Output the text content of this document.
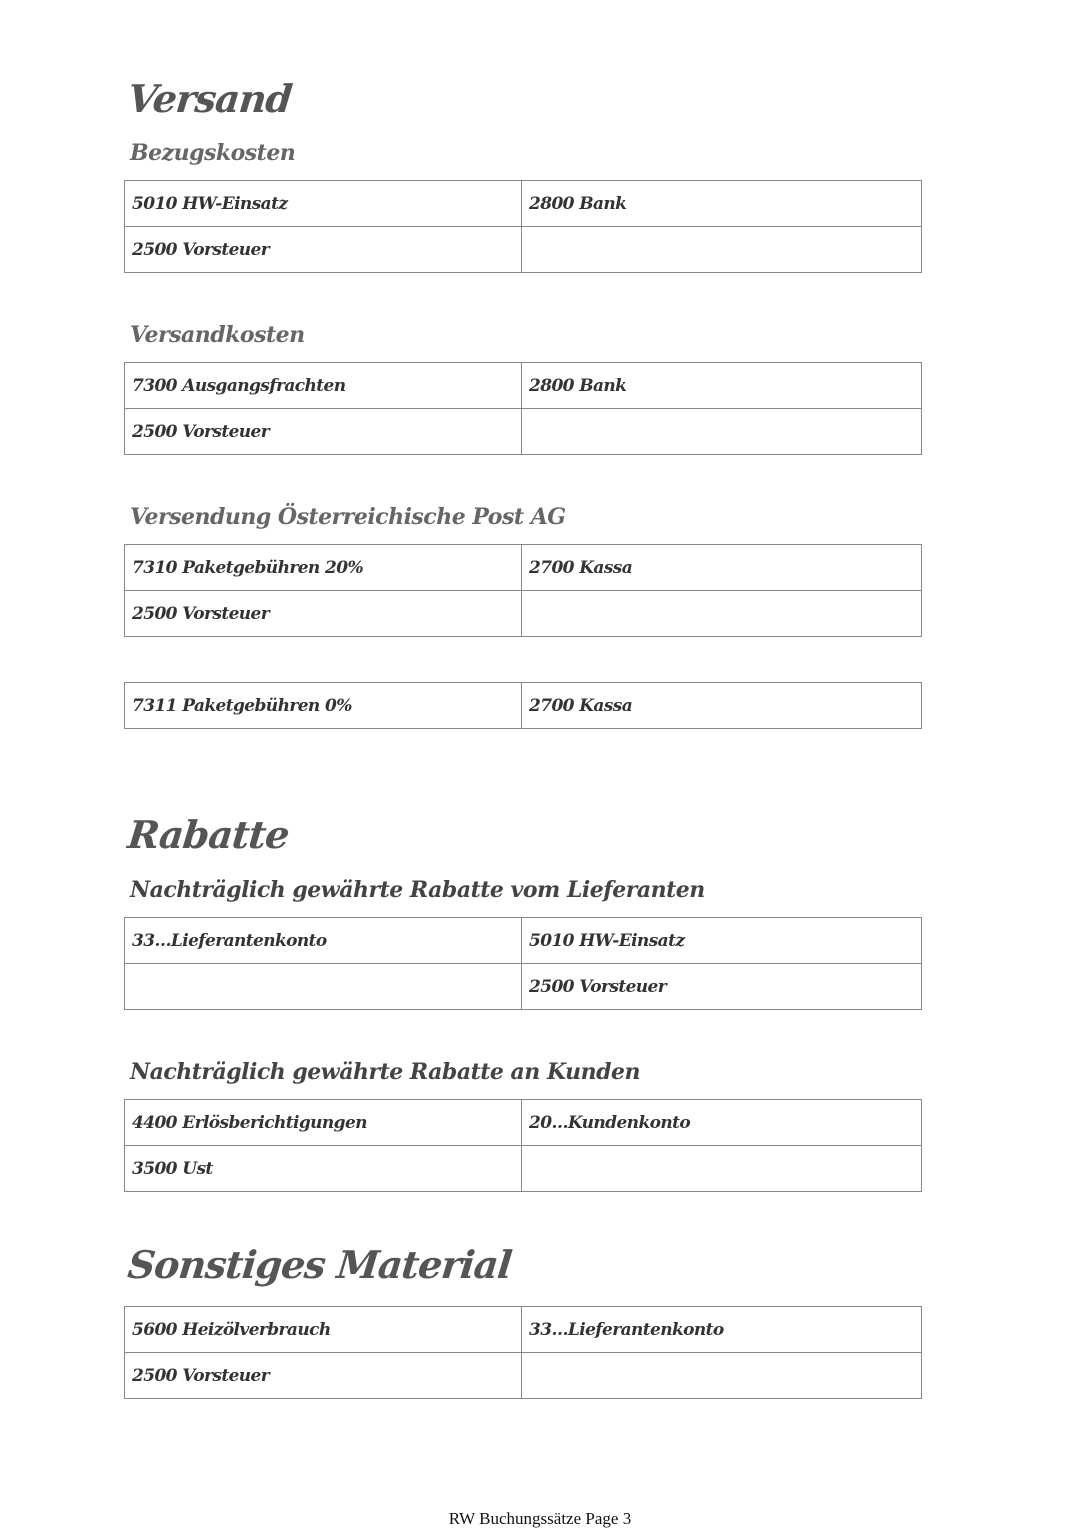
Versand
Bezugskosten
5010 HW-Einsatz	2800 Bank
2500 Vorsteuer	
Versandkosten
7300 Ausgangsfrachten	2800 Bank
2500 Vorsteuer	
Versendung Österreichische Post AG
7310 Paketgebühren 20%	2700 Kassa
2500 Vorsteuer	
7311 Paketgebühren 0%	2700 Kassa
Rabatte
Nachträglich gewährte Rabatte vom Lieferanten
33…Lieferantenkonto	5010 HW-Einsatz
	2500 Vorsteuer
Nachträglich gewährte Rabatte an Kunden
4400 Erlösberichtigungen	20…Kundenkonto
3500 Ust	
Sonstiges Material
5600 Heizölverbrauch	33…Lieferantenkonto
2500 Vorsteuer	
RW Buchungssätze Page 3
